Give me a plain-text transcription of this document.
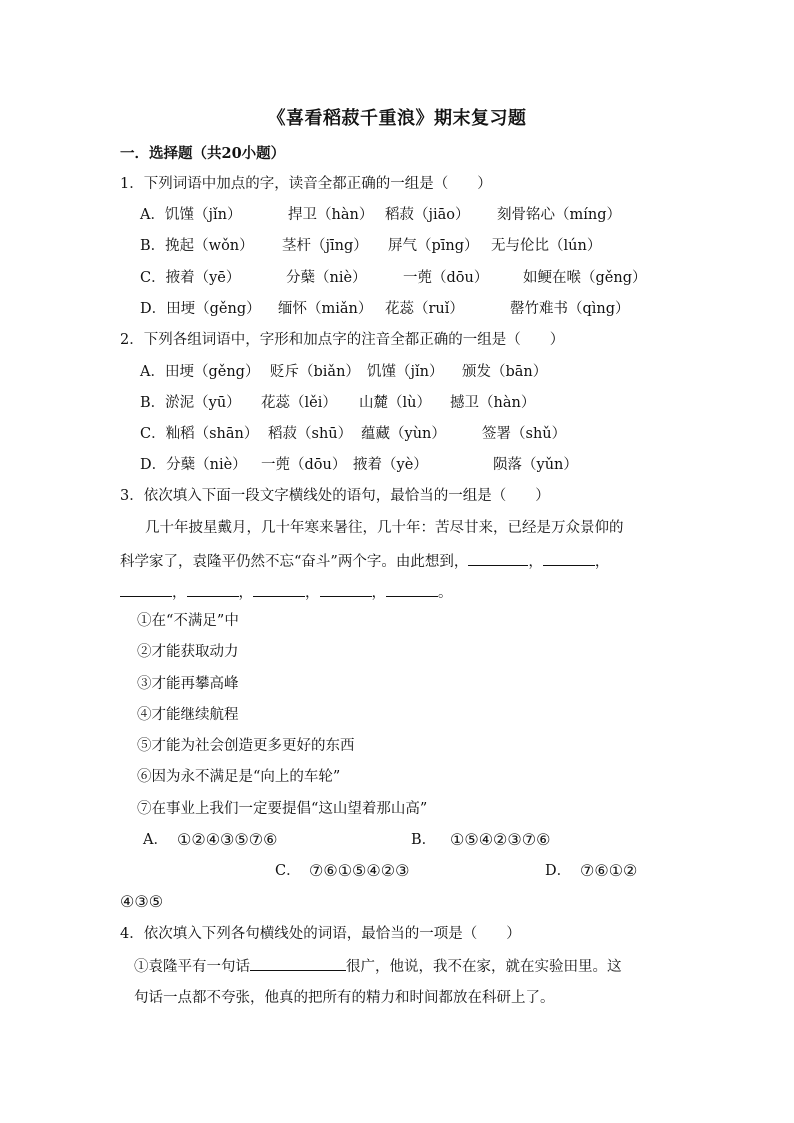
《喜看稻菽千重浪》期末复习题
一．选择题（共20小题）
1．下列词语中加点的字，读音全都正确的一组是（　　）
A．饥馑（jǐn）	捍卫（hàn） 稻菽（jiāo） 刻骨铭心（míng）
B．挽起（wǒn） 茎杆（jīng） 屏气（pīng） 无与伦比（lún）
C．掖着（yē）	分蘖（niè）	一蔸（dōu） 如鲠在喉（gěng）
D．田埂（gěng） 缅怀（miǎn） 花蕊（ruǐ）	罄竹难书（qìng）
2．下列各组词语中，字形和加点字的注音全都正确的一组是（　　）
A．田埂（gěng） 贬斥（biǎn） 饥馑（jǐn） 颁发（bān）
B．淤泥（yū） 花蕊（lěi） 山麓（lù） 撼卫（hàn）
C．籼稻（shān） 稻菽（shū） 蕴藏（yùn） 签署（shǔ）
D．分蘖（niè） 一蔸（dōu） 掖着（yè）	陨落（yǔn）
3．依次填入下面一段文字横线处的语句，最恰当的一组是（　　）
几十年披星戴月，几十年寒来暑往，几十年：苦尽甘来，已经是万众景仰的
科学家了，袁隆平仍然不忘“奋斗”两个字。由此想到，	，	，
，	，	，	，	。
①在“不满足”中
②才能获取动力
③才能再攀高峰
④才能继续航程
⑤才能为社会创造更多更好的东西
⑥因为永不满足是“向上的车轮”
⑦在事业上我们一定要提倡“这山望着那山高”
A． ①②④③⑤⑦⑥	B． ①⑤④②③⑦⑥
C． ⑦⑥①⑤④②③	D． ⑦⑥①②
④③⑤
4．依次填入下列各句横线处的词语，最恰当的一项是（　　）
①袁隆平有一句话	很广，他说，我不在家，就在实验田里。这
句话一点都不夸张，他真的把所有的精力和时间都放在科研上了。
